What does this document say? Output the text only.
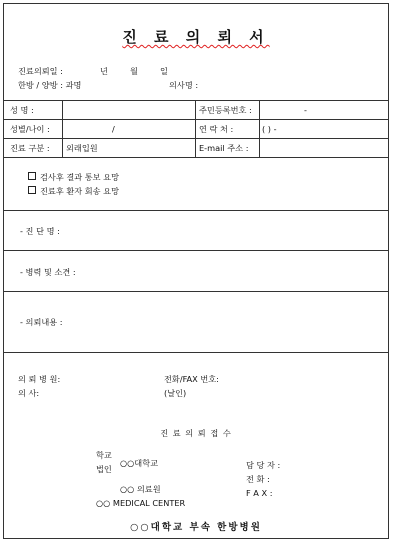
진 료 의 뢰 서
진료의뢰일 :	년	월	일
한방 / 양방 : 과명	의사명 :
성 명 :	주민등록번호 :	-
성별/나이 :	/	연 락 처 :	( ) -
진료 구분 : 외래입원	E-mail 주소 :
검사후 결과 통보 요망
진료후 환자 회송 요망
- 진 단 명 :
- 병력 및 소견 :
- 의뢰내용 :
의 뢰 병 원:
의 사:
전화/FAX 번호:
(날인)
진 료 의 뢰 접 수
학교
법인
○○대학교
○○ 의료원
○○ MEDICAL CENTER
담 당 자 :
전 화 :
F A X :
○○대학교 부속 한방병원
